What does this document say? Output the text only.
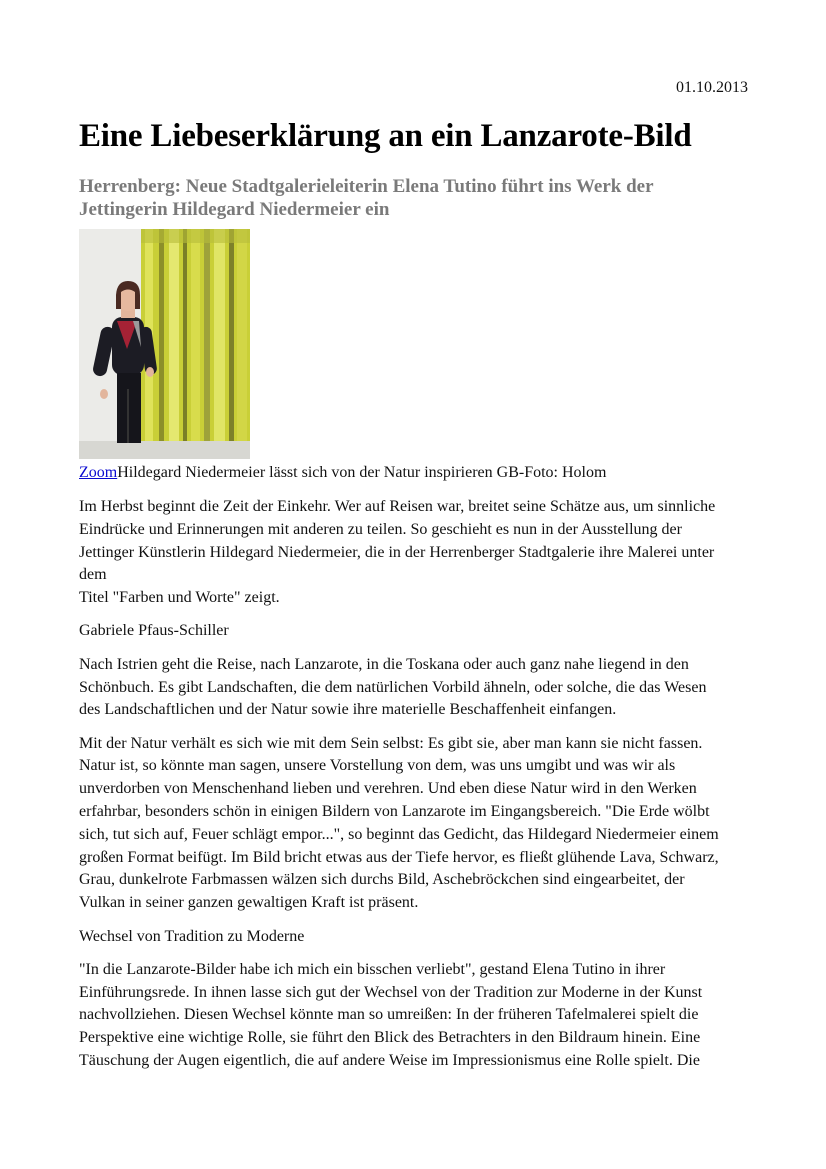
01.10.2013
Eine Liebeserklärung an ein Lanzarote-Bild
Herrenberg: Neue Stadtgalerieleiterin Elena Tutino führt ins Werk der Jettingerin Hildegard Niedermeier ein
ZoomHildegard Niedermeier lässt sich von der Natur inspirieren GB-Foto: Holom

Im Herbst beginnt die Zeit der Einkehr. Wer auf Reisen war, breitet seine Schätze aus, um sinnliche
Eindrücke und Erinnerungen mit anderen zu teilen. So geschieht es nun in der Ausstellung der
Jettinger Künstlerin Hildegard Niedermeier, die in der Herrenberger Stadtgalerie ihre Malerei unter
dem
Titel "Farben und Worte" zeigt.

Gabriele Pfaus-Schiller

Nach Istrien geht die Reise, nach Lanzarote, in die Toskana oder auch ganz nahe liegend in den
Schönbuch. Es gibt Landschaften, die dem natürlichen Vorbild ähneln, oder solche, die das Wesen
des Landschaftlichen und der Natur sowie ihre materielle Beschaffenheit einfangen.

Mit der Natur verhält es sich wie mit dem Sein selbst: Es gibt sie, aber man kann sie nicht fassen.
Natur ist, so könnte man sagen, unsere Vorstellung von dem, was uns umgibt und was wir als
unverdorben von Menschenhand lieben und verehren. Und eben diese Natur wird in den Werken
erfahrbar, besonders schön in einigen Bildern von Lanzarote im Eingangsbereich. "Die Erde wölbt
sich, tut sich auf, Feuer schlägt empor...", so beginnt das Gedicht, das Hildegard Niedermeier einem
großen Format beifügt. Im Bild bricht etwas aus der Tiefe hervor, es fließt glühende Lava, Schwarz,
Grau, dunkelrote Farbmassen wälzen sich durchs Bild, Aschebröckchen sind eingearbeitet, der
Vulkan in seiner ganzen gewaltigen Kraft ist präsent.

Wechsel von Tradition zu Moderne

"In die Lanzarote-Bilder habe ich mich ein bisschen verliebt", gestand Elena Tutino in ihrer
Einführungsrede. In ihnen lasse sich gut der Wechsel von der Tradition zur Moderne in der Kunst
nachvollziehen. Diesen Wechsel könnte man so umreißen: In der früheren Tafelmalerei spielt die
Perspektive eine wichtige Rolle, sie führt den Blick des Betrachters in den Bildraum hinein. Eine
Täuschung der Augen eigentlich, die auf andere Weise im Impressionismus eine Rolle spielt. Die
